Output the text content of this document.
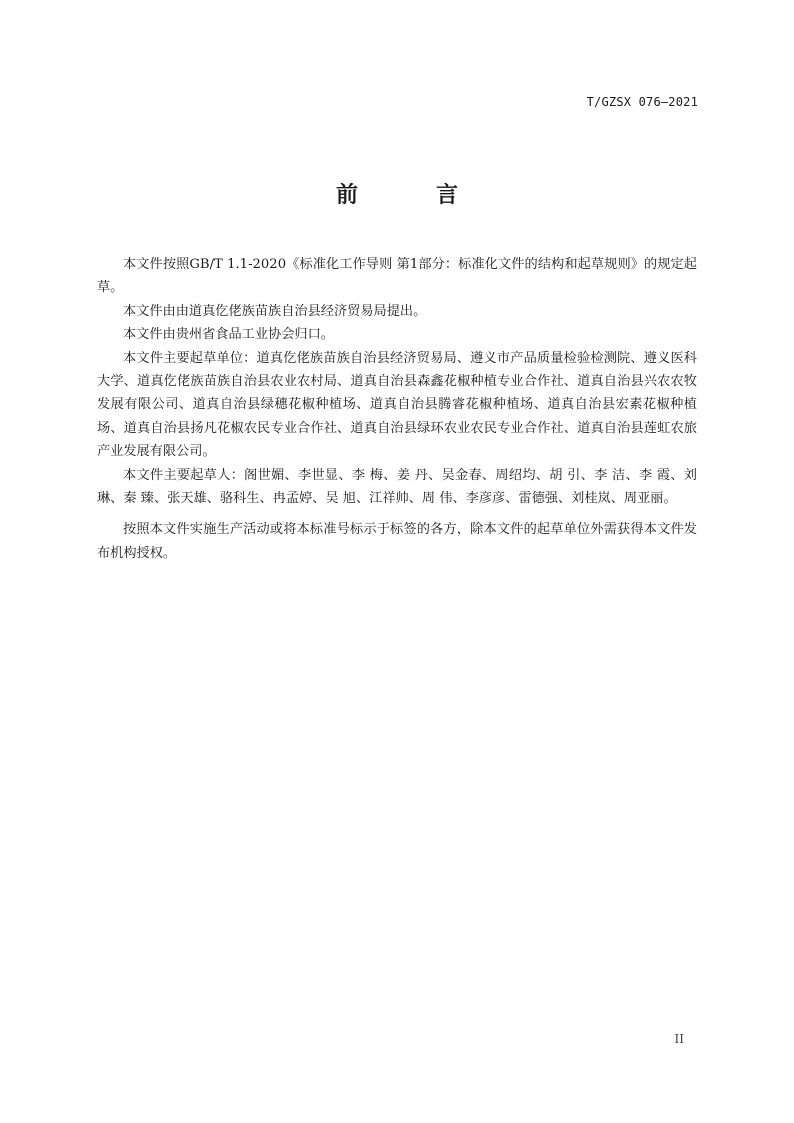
T/GZSX 076—2021
前　言

本文件按照GB/T 1.1-2020《标准化工作导则 第1部分：标准化文件的结构和起草规则》的规定起草。

本文件由由道真仡佬族苗族自治县经济贸易局提出。

本文件由贵州省食品工业协会归口。

本文件主要起草单位：道真仡佬族苗族自治县经济贸易局、遵义市产品质量检验检测院、遵义医科大学、道真仡佬族苗族自治县农业农村局、道真自治县森鑫花椒种植专业合作社、道真自治县兴农农牧发展有限公司、道真自治县绿穗花椒种植场、道真自治县腾睿花椒种植场、道真自治县宏素花椒种植场、道真自治县扬凡花椒农民专业合作社、道真自治县绿环农业农民专业合作社、道真自治县莲虹农旅产业发展有限公司。

本文件主要起草人：阁世媚、李世显、李 梅、姜 丹、吴金春、周绍均、胡 引、李 洁、李 霞、刘 琳、秦 臻、张天雄、骆科生、冉孟婷、吴 旭、江祥帅、周 伟、李彦彦、雷德强、刘桂岚、周亚丽。

按照本文件实施生产活动或将本标准号标示于标签的各方，除本文件的起草单位外需获得本文件发布机构授权。

II
